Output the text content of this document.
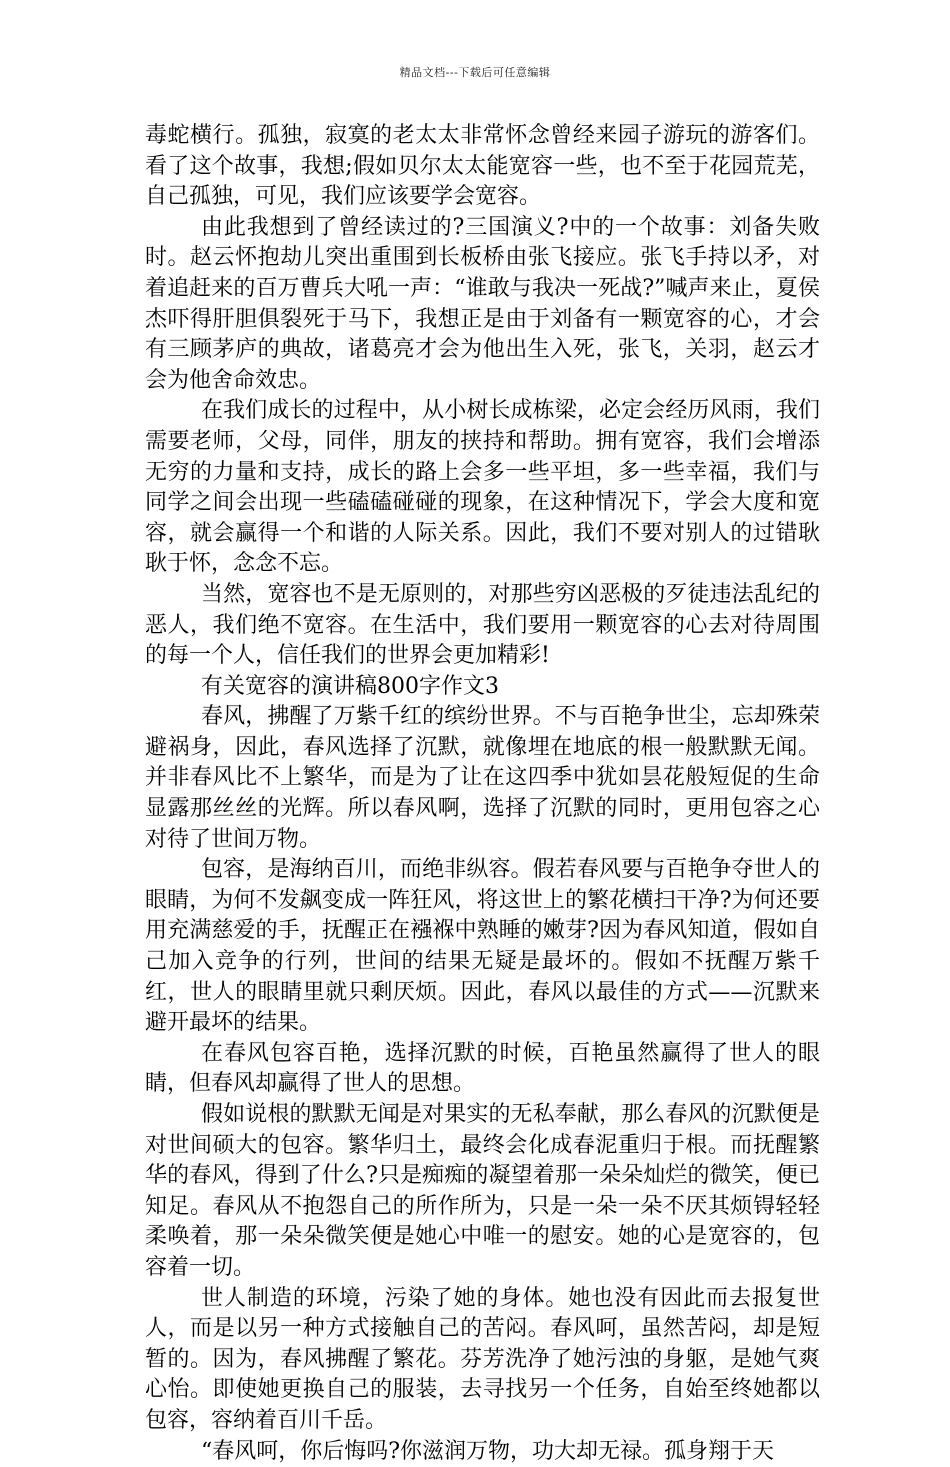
精品文档---下载后可任意编辑

毒蛇横行。孤独，寂寞的老太太非常怀念曾经来园子游玩的游客们。看了这个故事，我想;假如贝尔太太能宽容一些，也不至于花园荒芜，自己孤独，可见，我们应该要学会宽容。

由此我想到了曾经读过的?三国演义?中的一个故事：刘备失败时。赵云怀抱劫儿突出重围到长板桥由张飞接应。张飞手持以矛，对着追赶来的百万曹兵大吼一声：“谁敢与我决一死战?”喊声来止，夏侯杰吓得肝胆俱裂死于马下，我想正是由于刘备有一颗宽容的心，才会有三顾茅庐的典故，诸葛亮才会为他出生入死，张飞，关羽，赵云才会为他舍命效忠。

在我们成长的过程中，从小树长成栋梁，必定会经历风雨，我们需要老师，父母，同伴，朋友的挟持和帮助。拥有宽容，我们会增添无穷的力量和支持，成长的路上会多一些平坦，多一些幸福，我们与同学之间会出现一些磕磕碰碰的现象，在这种情况下，学会大度和宽容，就会赢得一个和谐的人际关系。因此，我们不要对别人的过错耿耿于怀，念念不忘。

当然，宽容也不是无原则的，对那些穷凶恶极的歹徒违法乱纪的恶人，我们绝不宽容。在生活中，我们要用一颗宽容的心去对待周围的每一个人，信任我们的世界会更加精彩!

有关宽容的演讲稿800字作文3

春风，拂醒了万紫千红的缤纷世界。不与百艳争世尘，忘却殊荣避祸身，因此，春风选择了沉默，就像埋在地底的根一般默默无闻。并非春风比不上繁华，而是为了让在这四季中犹如昙花般短促的生命显露那丝丝的光辉。所以春风啊，选择了沉默的同时，更用包容之心对待了世间万物。

包容，是海纳百川，而绝非纵容。假若春风要与百艳争夺世人的眼睛，为何不发飙变成一阵狂风，将这世上的繁花横扫干净?为何还要用充满慈爱的手，抚醒正在襁褓中熟睡的嫩芽?因为春风知道，假如自己加入竞争的行列，世间的结果无疑是最坏的。假如不抚醒万紫千红，世人的眼睛里就只剩厌烦。因此，春风以最佳的方式——沉默来避开最坏的结果。

在春风包容百艳，选择沉默的时候，百艳虽然赢得了世人的眼睛，但春风却赢得了世人的思想。

假如说根的默默无闻是对果实的无私奉献，那么春风的沉默便是对世间硕大的包容。繁华归土，最终会化成春泥重归于根。而抚醒繁华的春风，得到了什么?只是痴痴的凝望着那一朵朵灿烂的微笑，便已知足。春风从不抱怨自己的所作所为，只是一朵一朵不厌其烦锝轻轻柔唤着，那一朵朵微笑便是她心中唯一的慰安。她的心是宽容的，包容着一切。

世人制造的环境，污染了她的身体。她也没有因此而去报复世人，而是以另一种方式接触自己的苦闷。春风呵，虽然苦闷，却是短暂的。因为，春风拂醒了繁花。芬芳洗净了她污浊的身躯，是她气爽心怡。即使她更换自己的服装，去寻找另一个任务，自始至终她都以包容，容纳着百川千岳。

“春风呵，你后悔吗?你滋润万物，功大却无禄。孤身翔于天
